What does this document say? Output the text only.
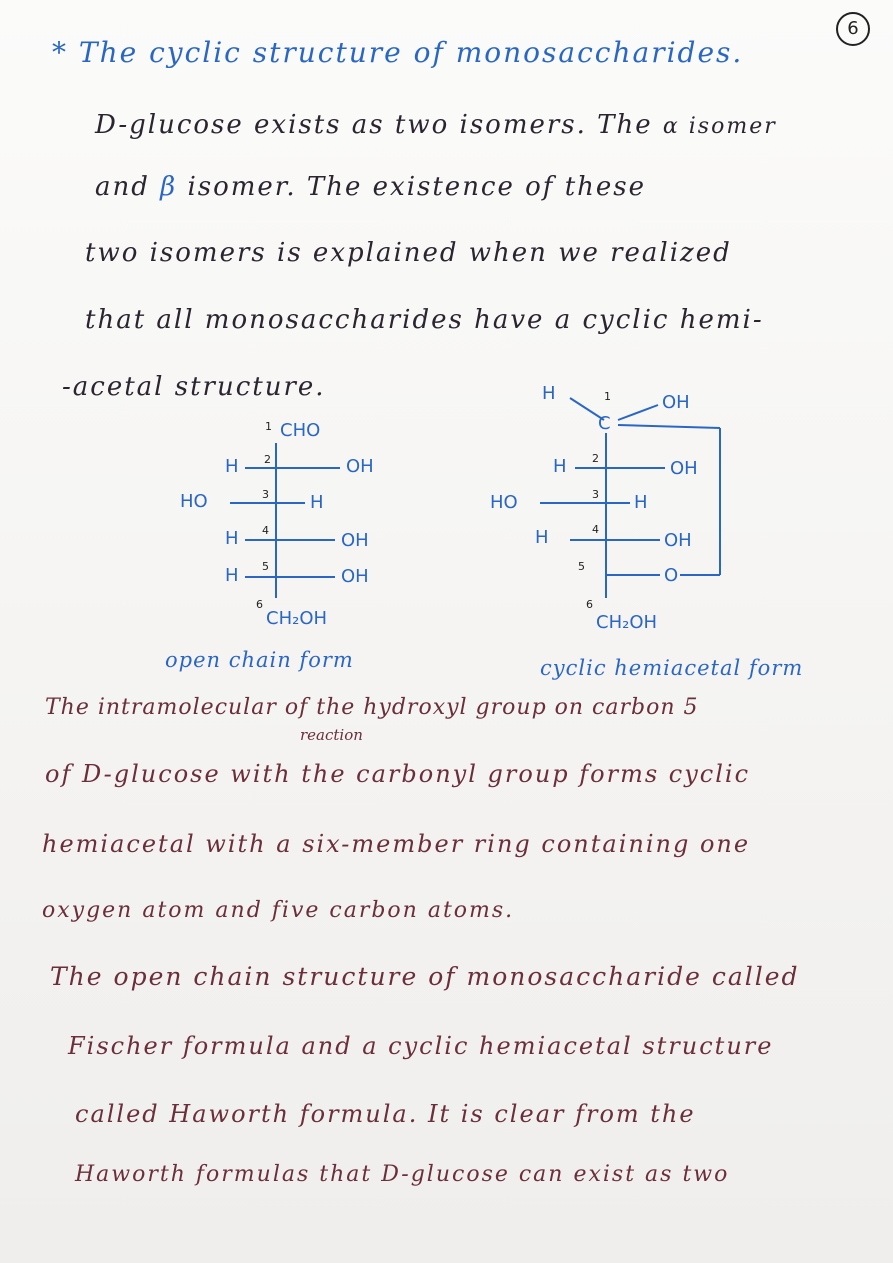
6
* The cyclic structure of monosaccharides.
D-glucose exists as two isomers. The α isomer
and β isomer. The existence of these
two isomers is explained when we realized
that all monosaccharides have a cyclic hemi-
-acetal structure.
1 CHO
2
H	OH
3
HO	H
4
H	OH
5
H	OH
6
CH₂OH
open chain form
H	1	OH
C
2
H	OH
3
HO	H
4
H	OH
5	O
6
CH₂OH
cyclic hemiacetal form
The intramolecular of the hydroxyl group on carbon 5
reaction
of D-glucose with the carbonyl group forms cyclic
hemiacetal with a six-member ring containing one
oxygen atom and five carbon atoms.
The open chain structure of monosaccharide called
Fischer formula and a cyclic hemiacetal structure
called Haworth formula. It is clear from the
Haworth formulas that D-glucose can exist as two
